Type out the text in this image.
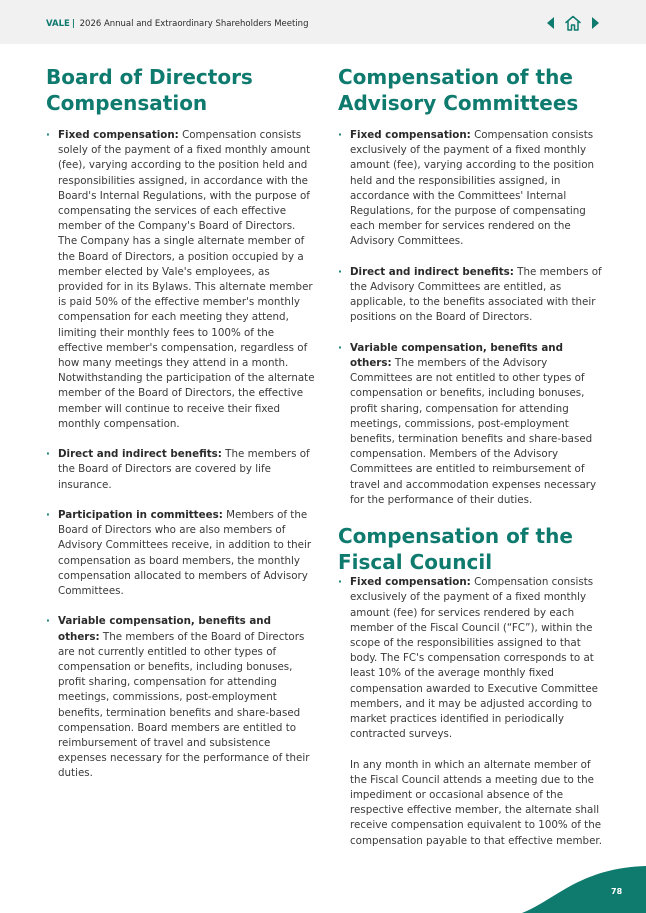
VALE | 2026 Annual and Extraordinary Shareholders Meeting
Board of Directors
Compensation
· Fixed compensation: Compensation consists solely of the payment of a fixed monthly amount (fee), varying according to the position held and responsibilities assigned, in accordance with the Board's Internal Regulations, with the purpose of compensating the services of each effective member of the Company's Board of Directors. The Company has a single alternate member of the Board of Directors, a position occupied by a member elected by Vale's employees, as provided for in its Bylaws. This alternate member is paid 50% of the effective member's monthly compensation for each meeting they attend, limiting their monthly fees to 100% of the effective member's compensation, regardless of how many meetings they attend in a month. Notwithstanding the participation of the alternate member of the Board of Directors, the effective member will continue to receive their fixed monthly compensation.
· Direct and indirect benefits: The members of the Board of Directors are covered by life insurance.
· Participation in committees: Members of the Board of Directors who are also members of Advisory Committees receive, in addition to their compensation as board members, the monthly compensation allocated to members of Advisory Committees.
· Variable compensation, benefits and others: The members of the Board of Directors are not currently entitled to other types of compensation or benefits, including bonuses, profit sharing, compensation for attending meetings, commissions, post-employment benefits, termination benefits and share-based compensation. Board members are entitled to reimbursement of travel and subsistence expenses necessary for the performance of their duties.
Compensation of the
Advisory Committees
· Fixed compensation: Compensation consists exclusively of the payment of a fixed monthly amount (fee), varying according to the position held and the responsibilities assigned, in accordance with the Committees' Internal Regulations, for the purpose of compensating each member for services rendered on the Advisory Committees.
· Direct and indirect benefits: The members of the Advisory Committees are entitled, as applicable, to the benefits associated with their positions on the Board of Directors.
· Variable compensation, benefits and others: The members of the Advisory Committees are not entitled to other types of compensation or benefits, including bonuses, profit sharing, compensation for attending meetings, commissions, post-employment benefits, termination benefits and share-based compensation. Members of the Advisory Committees are entitled to reimbursement of travel and accommodation expenses necessary for the performance of their duties.
Compensation of the
Fiscal Council
· Fixed compensation: Compensation consists exclusively of the payment of a fixed monthly amount (fee) for services rendered by each member of the Fiscal Council (“FC”), within the scope of the responsibilities assigned to that body. The FC's compensation corresponds to at least 10% of the average monthly fixed compensation awarded to Executive Committee members, and it may be adjusted according to market practices identified in periodically contracted surveys.
In any month in which an alternate member of the Fiscal Council attends a meeting due to the impediment or occasional absence of the respective effective member, the alternate shall receive compensation equivalent to 100% of the compensation payable to that effective member.
78
